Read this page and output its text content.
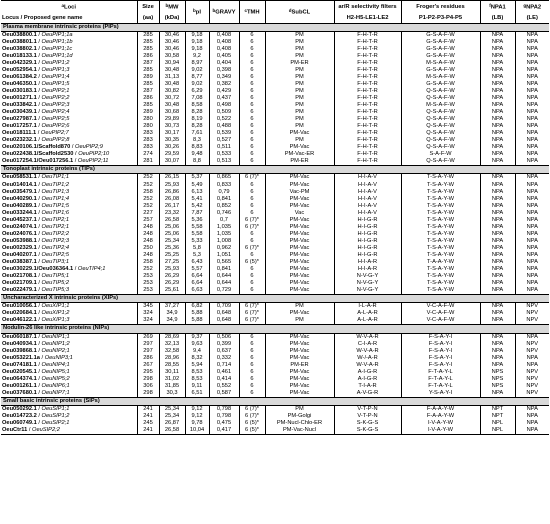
$^a$Loci	Size	$^b$MW	$^b$pI	$^b$GRAVY	$^c$TMH	$^d$SubCL	ar/R selectivity filters	Froger's residues	$^f$NPA1	$^g$NPA2
Locus / Proposed gene name	(aa)	(kDa)					H2-H5-LE1-LE2	P1-P2-P3-P4-P5	(LB)	(LE)
Plasma membrane intrinsic proteins (PIPs)										
Oeu038800.1 / OeuPIP1;1a	285	30,46	9,18	0,408	6	PM	F-H-T-R	G-S-A-F-W	NPA	NPA
Oeu038801.1 / OeuPIP1;1b	285	30,46	9,18	0,408	6	PM	F-H-T-R	G-S-A-F-W	NPA	NPA
Oeu038802.1 / OeuPIP1;1c	285	30,46	9,18	0,408	6	PM	F-H-T-R	G-S-A-F-W	NPA	NPA
Oeu018133.1 / OeuPIP1;1d	286	30,58	9,2	0,405	6	PM	F-H-T-R	G-S-A-F-W	NPA	NPA
Oeu042329.1 / OeuPIP1;2	287	30,94	8,97	0,404	6	PM-ER	F-H-T-R	M-S-A-F-W	NPA	NPA
Oeu052954.1 / OeuPIP1;3	285	30,48	9,02	0,398	6	PM	F-H-T-R	G-S-A-F-W	NPA	NPA
Oeu061384.2 / OeuPIP1;4	289	31,13	8,77	0,349	6	PM	F-H-T-R	M-S-A-F-W	NPA	NPA
Oeu046350.1 / OeuPIP1;5	285	30,48	9,02	0,382	6	PM	F-H-T-R	G-S-A-F-W	NPA	NPA
Oeu030183.1 / OeuPIP2;1	287	30,82	6,29	0,429	6	PM	F-H-T-R	Q-S-A-F-W	NPA	NPA
Oeu001271.1 / OeuPIP2;2	286	30,72	7,08	0,437	6	PM	F-H-T-R	Q-S-A-F-W	NPA	NPA
Oeu033842.1 / OeuPIP2;3	285	30,48	8,58	0,498	6	PM	F-H-T-R	M-S-A-F-W	NPA	NPA
Oeu030439.1 / OeuPIP2;4	289	30,68	8,28	0,509	6	PM	F-H-T-R	Q-S-A-F-W	NPA	NPA
Oeu027987.1 / OeuPIP2;5	280	29,89	8,19	0,522	6	PM	F-H-T-R	Q-S-A-F-W	NPA	NPA
Oeu017257.1 / OeuPIP2;6	280	30,73	8,28	0,488	6	PM	F-H-T-R	Q-S-A-F-W	NPA	NPA
Oeu018111.1 / OeuPIP2;7	283	30,17	7,61	0,539	6	PM-Vac	F-H-T-R	Q-S-A-F-W	NPA	NPA
Oeu023232.1 / OeuPIP2;8	283	30,35	8,3	0,527	6	PM	F-H-T-R	Q-S-A-F-W	NPA	NPA
Oeu020106.1/Scaffold870 / OeuPIP2;9	283	30,26	8,83	0,511	6	PM-Vac	F-H-T-R	Q-S-A-F-W	NPA	NPA
Oeu022438.1/Scaffold2530 / OeuPIP2;10	274	29,59	9,48	0,533	6	PM-Vac-ER	F-H-T-R	S-A-F-W	NPA	NPA
Oeu017254.1/Oeu017256.1 / OeuPIP2;11	281	30,07	8,8	0,513	6	PM-ER	F-H-T-R	Q-S-A-F-W	NPA	NPA
Tonoplast intrinsic proteins (TIPs)										
Oeu058531.1 / OeuTIP1;1	252	26,15	5,37	0,865	6 (7)*	PM-Vac	H-I-A-V	T-S-A-Y-W	NPA	NPA
Oeu014014.1 / OeuTIP1;2	252	25,93	5,49	0,833	6	PM-Vac	H-I-A-V	T-S-A-Y-W	NPA	NPA
Oeu035479.1 / OeuTIP1;3	258	26,86	6,13	0,79	6	Vac-PM	H-I-A-V	T-S-A-Y-W	NPA	NPA
Oeu040290.1 / OeuTIP1;4	252	26,08	5,41	0,841	6	PM-Vac	H-I-A-V	T-S-A-Y-W	NPA	NPA
Oeu040289.1 / OeuTIP1;5	252	26,17	5,42	0,852	6	PM-Vac	H-I-A-V	T-S-A-Y-W	NPA	NPA
Oeu033244.1 / OeuTIP1;6	227	23,32	7,87	0,746	6	Vac	H-I-A-V	T-S-A-Y-W	NPA	NPA
Oeu045237.1 / OeuTIP2;1	257	26,58	5,36	0,7	6 (7)*	PM-Vac	H-I-G-R	T-S-A-Y-W	NPA	NPA
Oeu024074.1 / OeuTIP2;1	248	25,06	5,58	1,035	6 (7)*	PM-Vac	H-I-G-R	T-S-A-Y-W	NPA	NPA
Oeu024076.1 / OeuTIP2;2	248	25,06	5,58	1,035	6	PM-Vac	H-I-G-R	T-S-A-Y-W	NPA	NPA
Oeu053988.1 / OeuTIP2;3	248	25,34	5,33	1,008	6	PM-Vac	H-I-G-R	T-S-A-Y-W	NPA	NPA
Oeu002329.1 / OeuTIP2;4	250	25,36	5,8	0,962	6 (7)*	PM-Vac	H-I-G-R	T-S-A-Y-W	NPA	NPA
Oeu040207.1 / OeuTIP2;5	248	25,25	5,3	1,051	6	PM-Vac	H-I-G-R	T-S-A-Y-W	NPA	NPA
Oeu038387.1 / OeuTIP3;1	258	27,25	6,43	0,565	6 (5)*	PM-Vac	H-I-A-R	T-A-A-Y-W	NPA	NPA
Oeu030229.1/Oeu036364.1 / OeuTIP4;1	252	25,93	5,57	0,841	6	PM-Vac	H-I-A-R	T-S-A-Y-W	NPA	NPA
Oeu021708.1 / OeuTIP5;1	253	26,29	6,64	0,644	6	PM-Vac	N-V-G-Y	T-S-A-Y-W	NPA	NPA
Oeu021709.1 / OeuTIP5;2	253	26,29	6,64	0,644	6	PM-Vac	N-V-G-Y	T-S-A-Y-W	NPA	NPA
Oeu022479.1 / OeuTIP5;3	253	25,61	6,63	0,729	6	PM-Vac	N-V-G-Y	T-S-A-Y-W	NPA	NPA
Uncharacterized X intrinsic proteins (XIPs)										
Oeu010056.1 / OeuXIP1;1	345	37,27	6,82	0,709	6 (7)*	PM	I-L-A-R	V-C-A-F-W	NPA	NPV
Oeu020684.1 / OeuXIP1;2	324	34,9	5,88	0,648	6 (7)*	PM-Vac	A-L-A-R	V-C-A-F-W	NPA	NPV
Oeu046122.1 / OeuXIP1;3	324	34,9	5,88	0,648	6 (7)*	PM	A-L-A-R	V-C-A-F-W	NPA	NPV
Nodulin-26 like intrinsic proteins (NIPs)										
Oeu060187.1 / OeuNIP1;1	269	28,69	9,37	0,506	6	PM-Vac	W-V-A-R	F-S-A-Y-I	NPA	NPA
Oeu040934.1 / OeuNIP1;2	297	32,13	9,63	0,399	6	PM-Vac	C-I-A-R	F-S-A-Y-I	NPA	NPV
Oeu039868.1 / OeuNIP2;1	297	32,58	9,4	0,637	6	PM-Vac	W-V-A-R	F-S-A-Y-I	NPA	NPV
Oeu053221.1a / OeuNIP3;1	286	28,96	8,32	0,332	6	PM-Vac	W-/-A-R	F-S-A-Y-I	NPA	NPA
Oeu074181.1 / OeuNIP4;1	267	28,55	5,94	0,714	6	PM-ER	W-V-A-R	F-S-A-Y-I	NPA	NPA
Oeu020545.1 / OeuNIP5;1	295	30,11	8,53	0,461	6	PM-Vac	A-I-G-R	F-T-A-Y-L	NPS	NPV
Oeu064374.1 / OeuNIP5;2	298	31,02	8,53	0,414	6	PM-Vac	A-I-G-R	F-T-A-Y-L	NPS	NPV
Oeu001261.1 / OeuNIP6;1	306	31,85	9,11	0,552	6	PM-Vac	T-I-A-R	F-T-A-Y-L	NPS	NPV
Oeu037680.1 / OeuNIP7;1	298	30,3	6,51	0,587	6	PM-Vac	A-V-G-R	Y-S-A-Y-I	NPA	NPV
Small basic intrinsic proteins (SIPs)										
Oeu050292.1 / OeuSIP1;1	241	25,34	9,12	0,798	6 (7)*	PM	V-T-P-N	F-A-A-Y-W	NPT	NPA
Oeu014723.2 / OeuSIP1;2	241	25,34	9,12	0,798	6 (7)*	PM-Golgi	V-T-P-N	F-A-A-Y-W	NPT	NPA
Oeu060749.1 / OeuSIP2;1	245	26,87	9,78	0,475	6 (5)*	PM-Nucl-Chlo-ER	S-K-G-S	I-V-A-Y-W	NPL	NPA
OeuCtr11 / OeuSIP2;2	241	26,58	10,04	0,417	6 (5)*	PM-Vac-Nucl	S-K-G-S	I-V-A-Y-W	NPL	NPA
